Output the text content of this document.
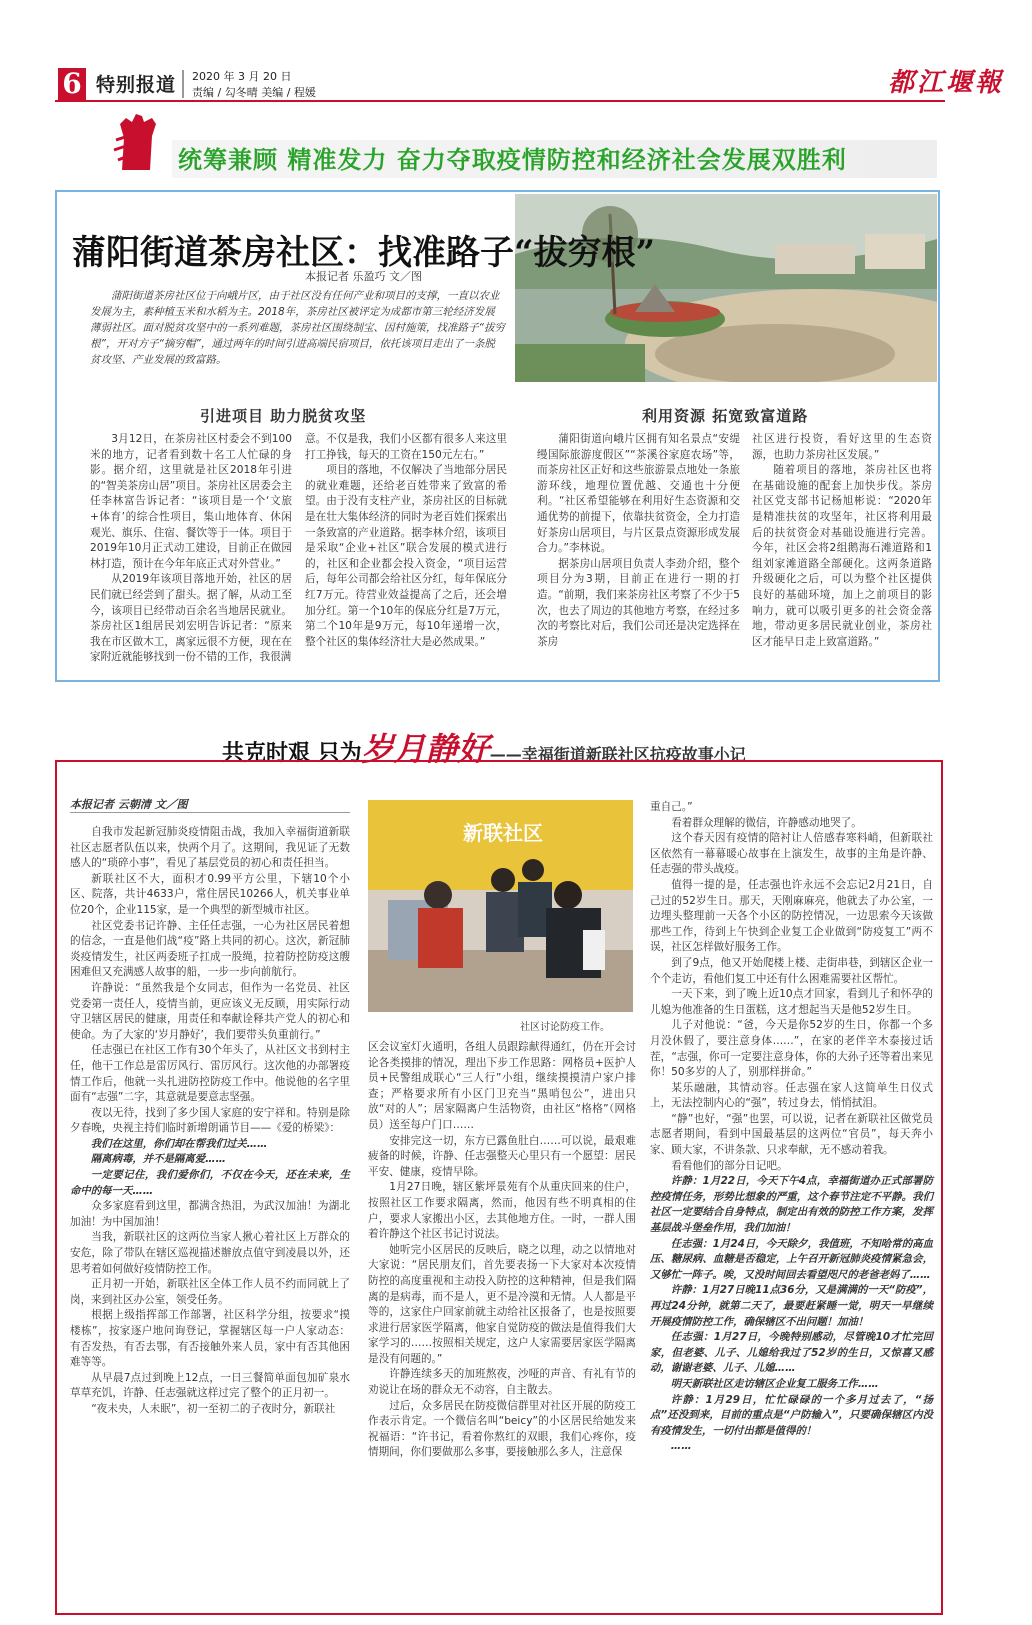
6 特别报道 2020 年 3 月 20 日
责编 / 勾冬晴 美编 / 程媛	都江堰報
统筹兼顾 精准发力 奋力夺取疫情防控和经济社会发展双胜利
蒲阳街道茶房社区：找准路子“拔穷根”
本报记者 乐盈巧 文／图
蒲阳街道茶房社区位于向峨片区，由于社区没有任何产业和项目的支撑，一直以农业发展为主，素种植玉米和水稻为主。2018年，茶房社区被评定为成都市第三轮经济发展薄弱社区。面对脱贫攻坚中的一系列难题，茶房社区围绕制宝、因村施策，找准路子“拔穷根”，开对方子“摘穷帽”，通过两年的时间引进高端民宿项目，依托该项目走出了一条脱贫攻坚、产业发展的致富路。
引进项目 助力脱贫攻坚	利用资源 拓宽致富道路

3月12日，在茶房社区村委会不到100米的地方，记者看到数十名工人忙碌的身影。据介绍，这里就是社区2018年引进的“智美茶房山居”项目。茶房社区居委会主任李林富告诉记者：“该项目是一个‘文旅+体育’的综合性项目，集山地体育、休闲观光、旗乐、住宿、餐饮等于一体。项目于2019年10月正式动工建设，目前正在做园林打造，预计在今年年底正式对外营业。”

从2019年该项目落地开始，社区的居民们就已经尝到了甜头。据了解，从动工至今，该项目已经带动百余名当地居民就业。茶房社区1组居民刘宏明告诉记者：“原来我在市区做木工，离家远很不方便，现在在家附近就能够找到一份不错的工作，我很满

意。不仅是我，我们小区都有很多人来这里打工挣钱，每天的工资在150元左右。”

项目的落地，不仅解决了当地部分居民的就业难题，还给老百姓带来了致富的希望。由于没有支柱产业，茶房社区的目标就是在壮大集体经济的同时为老百姓们探索出一条致富的产业道路。据李林介绍，该项目是采取“企业+社区”联合发展的模式进行的，社区和企业都会投入资金，“项目运营后，每年公司都会给社区分红，每年保底分红7万元。待营业效益提高了之后，还会增加分红。第一个10年的保底分红是7万元，第二个10年是9万元，每10年递增一次，整个社区的集体经济壮大是必然成果。”

蒲阳街道向峨片区拥有知名景点“安缇缦国际旅游度假区”“茶溪谷家庭农场”等，而茶房社区正好和这些旅游景点地处一条旅游环线，地理位置优越、交通也十分便利。“社区希望能够在利用好生态资源和交通优势的前提下，依靠扶贫资金，全力打造好茶房山居项目，与片区景点资源形成发展合力。”李林说。

据茶房山居项目负责人李劲介绍，整个项目分为3期，目前正在进行一期的打造。“前期，我们来茶房社区考察了不少于5次，也去了周边的其他地方考察，在经过多次的考察比对后，我们公司还是决定选择在茶房

社区进行投资，看好这里的生态资源，也助力茶房社区发展。”

随着项目的落地，茶房社区也将在基础设施的配套上加快步伐。茶房社区党支部书记杨旭彬说：“2020年是精准扶贫的攻坚年，社区将利用最后的扶贫资金对基础设施进行完善。今年，社区会将2组鹅海石滩道路和1组刘家滩道路全部硬化。这两条道路升级硬化之后，可以为整个社区提供良好的基础环境，加上之前项目的影响力，就可以吸引更多的社会资金落地，带动更多居民就业创业，茶房社区才能早日走上致富道路。”

共克时艰 只为岁月静好——幸福街道新联社区抗疫故事小记
本报记者 云朝清 文／图
新联社区
社区讨论防疫工作。

自我市发起新冠肺炎疫情阻击战，我加入幸福街道新联社区志愿者队伍以来，快两个月了。这期间，我见证了无数感人的“琐碎小事”，看见了基层党员的初心和责任担当。

新联社区不大，面积才0.99平方公里，下辖10个小区、院落，共计4633户，常住居民10266人，机关事业单位20个，企业115家，是一个典型的新型城市社区。

社区党委书记许静、主任任志强，一心为社区居民着想的信念，一直是他们战“疫”路上共同的初心。这次，新冠肺炎疫情发生，社区两委班子扛成一股绳，拉着防控防疫这艘困难但又充满感人故事的船，一步一步向前航行。

许静说：“虽然我是个女同志，但作为一名党员、社区党委第一责任人，疫情当前，更应该义无反顾，用实际行动守卫辖区居民的健康，用责任和奉献诠释共产党人的初心和使命。为了大家的‘岁月静好’，我们要带头负重前行。”

任志强已在社区工作有30个年头了，从社区文书到村主任，他干工作总是雷厉风行、雷厉风行。这次他的办部署疫情工作后，他就一头扎进防控防疫工作中。他说他的名字里面有“志强”二字，其意就是要意志坚强。

夜以无待，找到了多少国人家庭的安宁祥和。特别是除夕春晚，央视主持们临时新增朗诵节目——《爱的桥梁》：

我们在这里，你们却在帮我们过关……

隔离病毒，并不是隔离爱……

一定要记住，我们爱你们，不仅在今天，还在未来，生命中的每一天……

众多家庭看到这里，都满含热泪，为武汉加油！为湖北加油！为中国加油！

当我，新联社区的这两位当家人揪心着社区上万群众的安危，除了带队在辖区巡视描述辦放点值守到凌晨以外，还思考着如何做好疫情防控工作。

正月初一开始，新联社区全体工作人员不约而同就上了岗，来到社区办公室，领受任务。

根据上级指挥部工作部署，社区科学分组，按要求“摸楼栋”，按家逐户地问询登记，掌握辖区每一户人家动态：有否发热，有否去鄂，有否接触外来人员，家中有否其他困难等等。

从早晨7点过到晚上12点，一日三餐简单面包加矿泉水草草充饥，许静、任志强就这样过完了整个的正月初一。

“夜未央，人未眠”，初一至初二的子夜时分，新联社

区会议室灯火通明，各组人员跟踪献得通红，仍在开会讨论各类摸排的情况，理出下步工作思路：网格员+医护人员+民警组成联心“三人行”小组，继续摸摸清户家户排查；严格要求所有小区门卫充当“黑哨包公”，进出只放“对的人”；居家隔离户生活物资，由社区“格格”（网格员）送至每户门口……

安排完这一切，东方已露鱼肚白……可以说，最艰难疲备的时候，许静、任志强整天心里只有一个愿望：居民平安、健康，疫情早除。

1月27日晚，辖区紫坪景苑有个从重庆回来的住户，按照社区工作要求隔离，然而，他因有些不明真相的住户，要求人家搬出小区，去其他地方住。一时，一群人围着许静这个社区书记讨说法。

她听完小区居民的反映后，晓之以理，动之以情地对大家说：“居民朋友们，首先要表扬一下大家对本次疫情防控的高度重视和主动投入防控的这种精神，但是我们隔离的是病毒，而不是人，更不是冷漠和无情。人人都是平等的，这家住户回家前就主动给社区报备了，也是按照要求进行居家医学隔离，他家自觉防疫的做法是值得我们大家学习的……按照相关规定，这户人家需要居家医学隔离是没有问题的。”

许静连续多天的加班熬夜，沙哑的声音、有礼有节的劝说让在场的群众无不动容，自主散去。

过后，众多居民在防疫微信群里对社区开展的防疫工作表示肯定。一个微信名叫“beicy”的小区居民给她发来祝福语：“许书记，看着你熬红的双眼，我们心疼你，疫情期间，你们要做那么多事，要接触那么多人，注意保

重自己。”

看着群众理解的微信，许静感动地哭了。

这个春天因有疫情的陪衬让人倍感春寒料峭，但新联社区依然有一幕幕暖心故事在上演发生，故事的主角是许静、任志强的带头战疫。

值得一提的是，任志强也许永远不会忘记2月21日，自己过的52岁生日。那天，天刚麻麻亮，他就去了办公室，一边埋头整理前一天各个小区的防控情况，一边思索今天该做那些工作，待到上午快到企业复工企业做到“防疫复工”两不误，社区怎样做好服务工作。

到了9点，他又开始爬楼上楼、走街串巷，到辖区企业一个个走访，看他们复工中还有什么困难需要社区帮忙。

一天下来，到了晚上近10点才回家，看到儿子和怀孕的儿媳为他准备的生日蛋糕，这才想起当天是他52岁生日。

儿子对他说：“爸，今天是你52岁的生日，你都一个多月没休假了，要注意身体……”，在家的老伴辛木泰接过话茬，“志强，你可一定要注意身体，你的大孙子还等着出来见你！50多岁的人了，别那样拼命。”

某乐融融，其情动容。任志强在家人这简单生日仪式上，无法控制内心的“强”，转过身去，悄悄拭泪。

“静”也好，“强”也罢，可以说，记者在新联社区做党员志愿者期间，看到中国最基层的这两位“官员”，每天奔小家、顾大家，不讲条款、只求奉献，无不感动着我。

看看他们的部分日记吧。

许静：1月22日，今天下午4点，幸福街道办正式部署防控疫情任务，形势比想象的严重，这个春节注定不平静。我们社区一定要结合自身特点，制定出有效的防控工作方案，发挥基层战斗堡垒作用，我们加油！

任志强：1月24日，今天除夕，我值班，不知哈常的高血压、糖尿病、血糖是否稳定，上午召开新冠肺炎疫情紧急会，又够忙一阵子。唉，又没时间回去看望咫尺的老爸老妈了……

许静：1月27日晚11点36分，又是满满的一天“防疫”，再过24分钟，就第二天了，最要赶紧睡一觉，明天一早继续开展疫情防控工作，确保辖区不出问题！加油！

任志强：1月27日，今晚特别感动，尽管晚10才忙完回家，但老婆、儿子、儿媳给我过了52岁的生日，又惊喜又感动，谢谢老婆、儿子、儿媳……

明天新联社区走访辖区企业复工服务工作……

许静：1月29日，忙忙碌碌的一个多月过去了，“扬点”还没到来，目前的重点是“户防输入”，只要确保辖区内没有疫情发生，一切付出都是值得的！

……
